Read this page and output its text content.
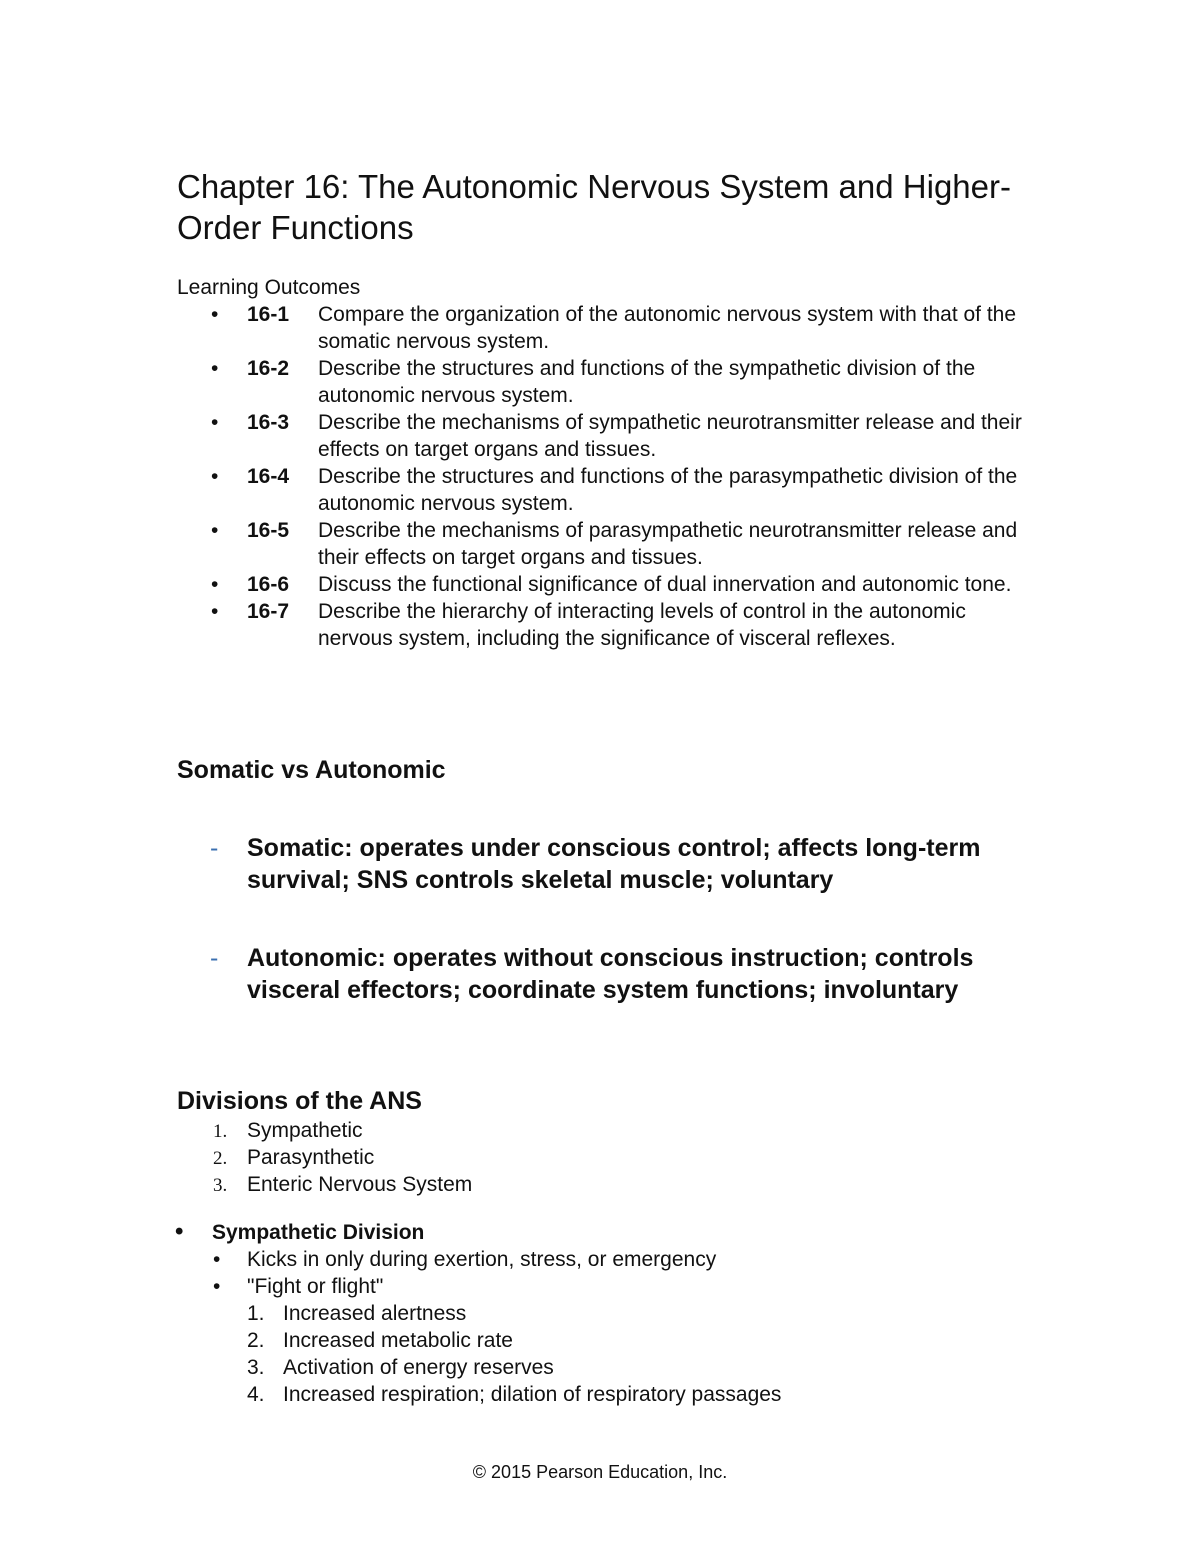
Chapter 16: The Autonomic Nervous System and Higher-Order Functions
Learning Outcomes
• 16-1 Compare the organization of the autonomic nervous system with that of the somatic nervous system.
• 16-2 Describe the structures and functions of the sympathetic division of the autonomic nervous system.
• 16-3 Describe the mechanisms of sympathetic neurotransmitter release and their effects on target organs and tissues.
• 16-4 Describe the structures and functions of the parasympathetic division of the autonomic nervous system.
• 16-5 Describe the mechanisms of parasympathetic neurotransmitter release and their effects on target organs and tissues.
• 16-6 Discuss the functional significance of dual innervation and autonomic tone.
• 16-7 Describe the hierarchy of interacting levels of control in the autonomic nervous system, including the significance of visceral reflexes.
Somatic vs Autonomic
- Somatic: operates under conscious control; affects long-term survival; SNS controls skeletal muscle; voluntary
- Autonomic: operates without conscious instruction; controls visceral effectors; coordinate system functions; involuntary
Divisions of the ANS
1. Sympathetic
2. Parasynthetic
3. Enteric Nervous System
• Sympathetic Division
• Kicks in only during exertion, stress, or emergency
• "Fight or flight"
1. Increased alertness
2. Increased metabolic rate
3. Activation of energy reserves
4. Increased respiration; dilation of respiratory passages
© 2015 Pearson Education, Inc.
